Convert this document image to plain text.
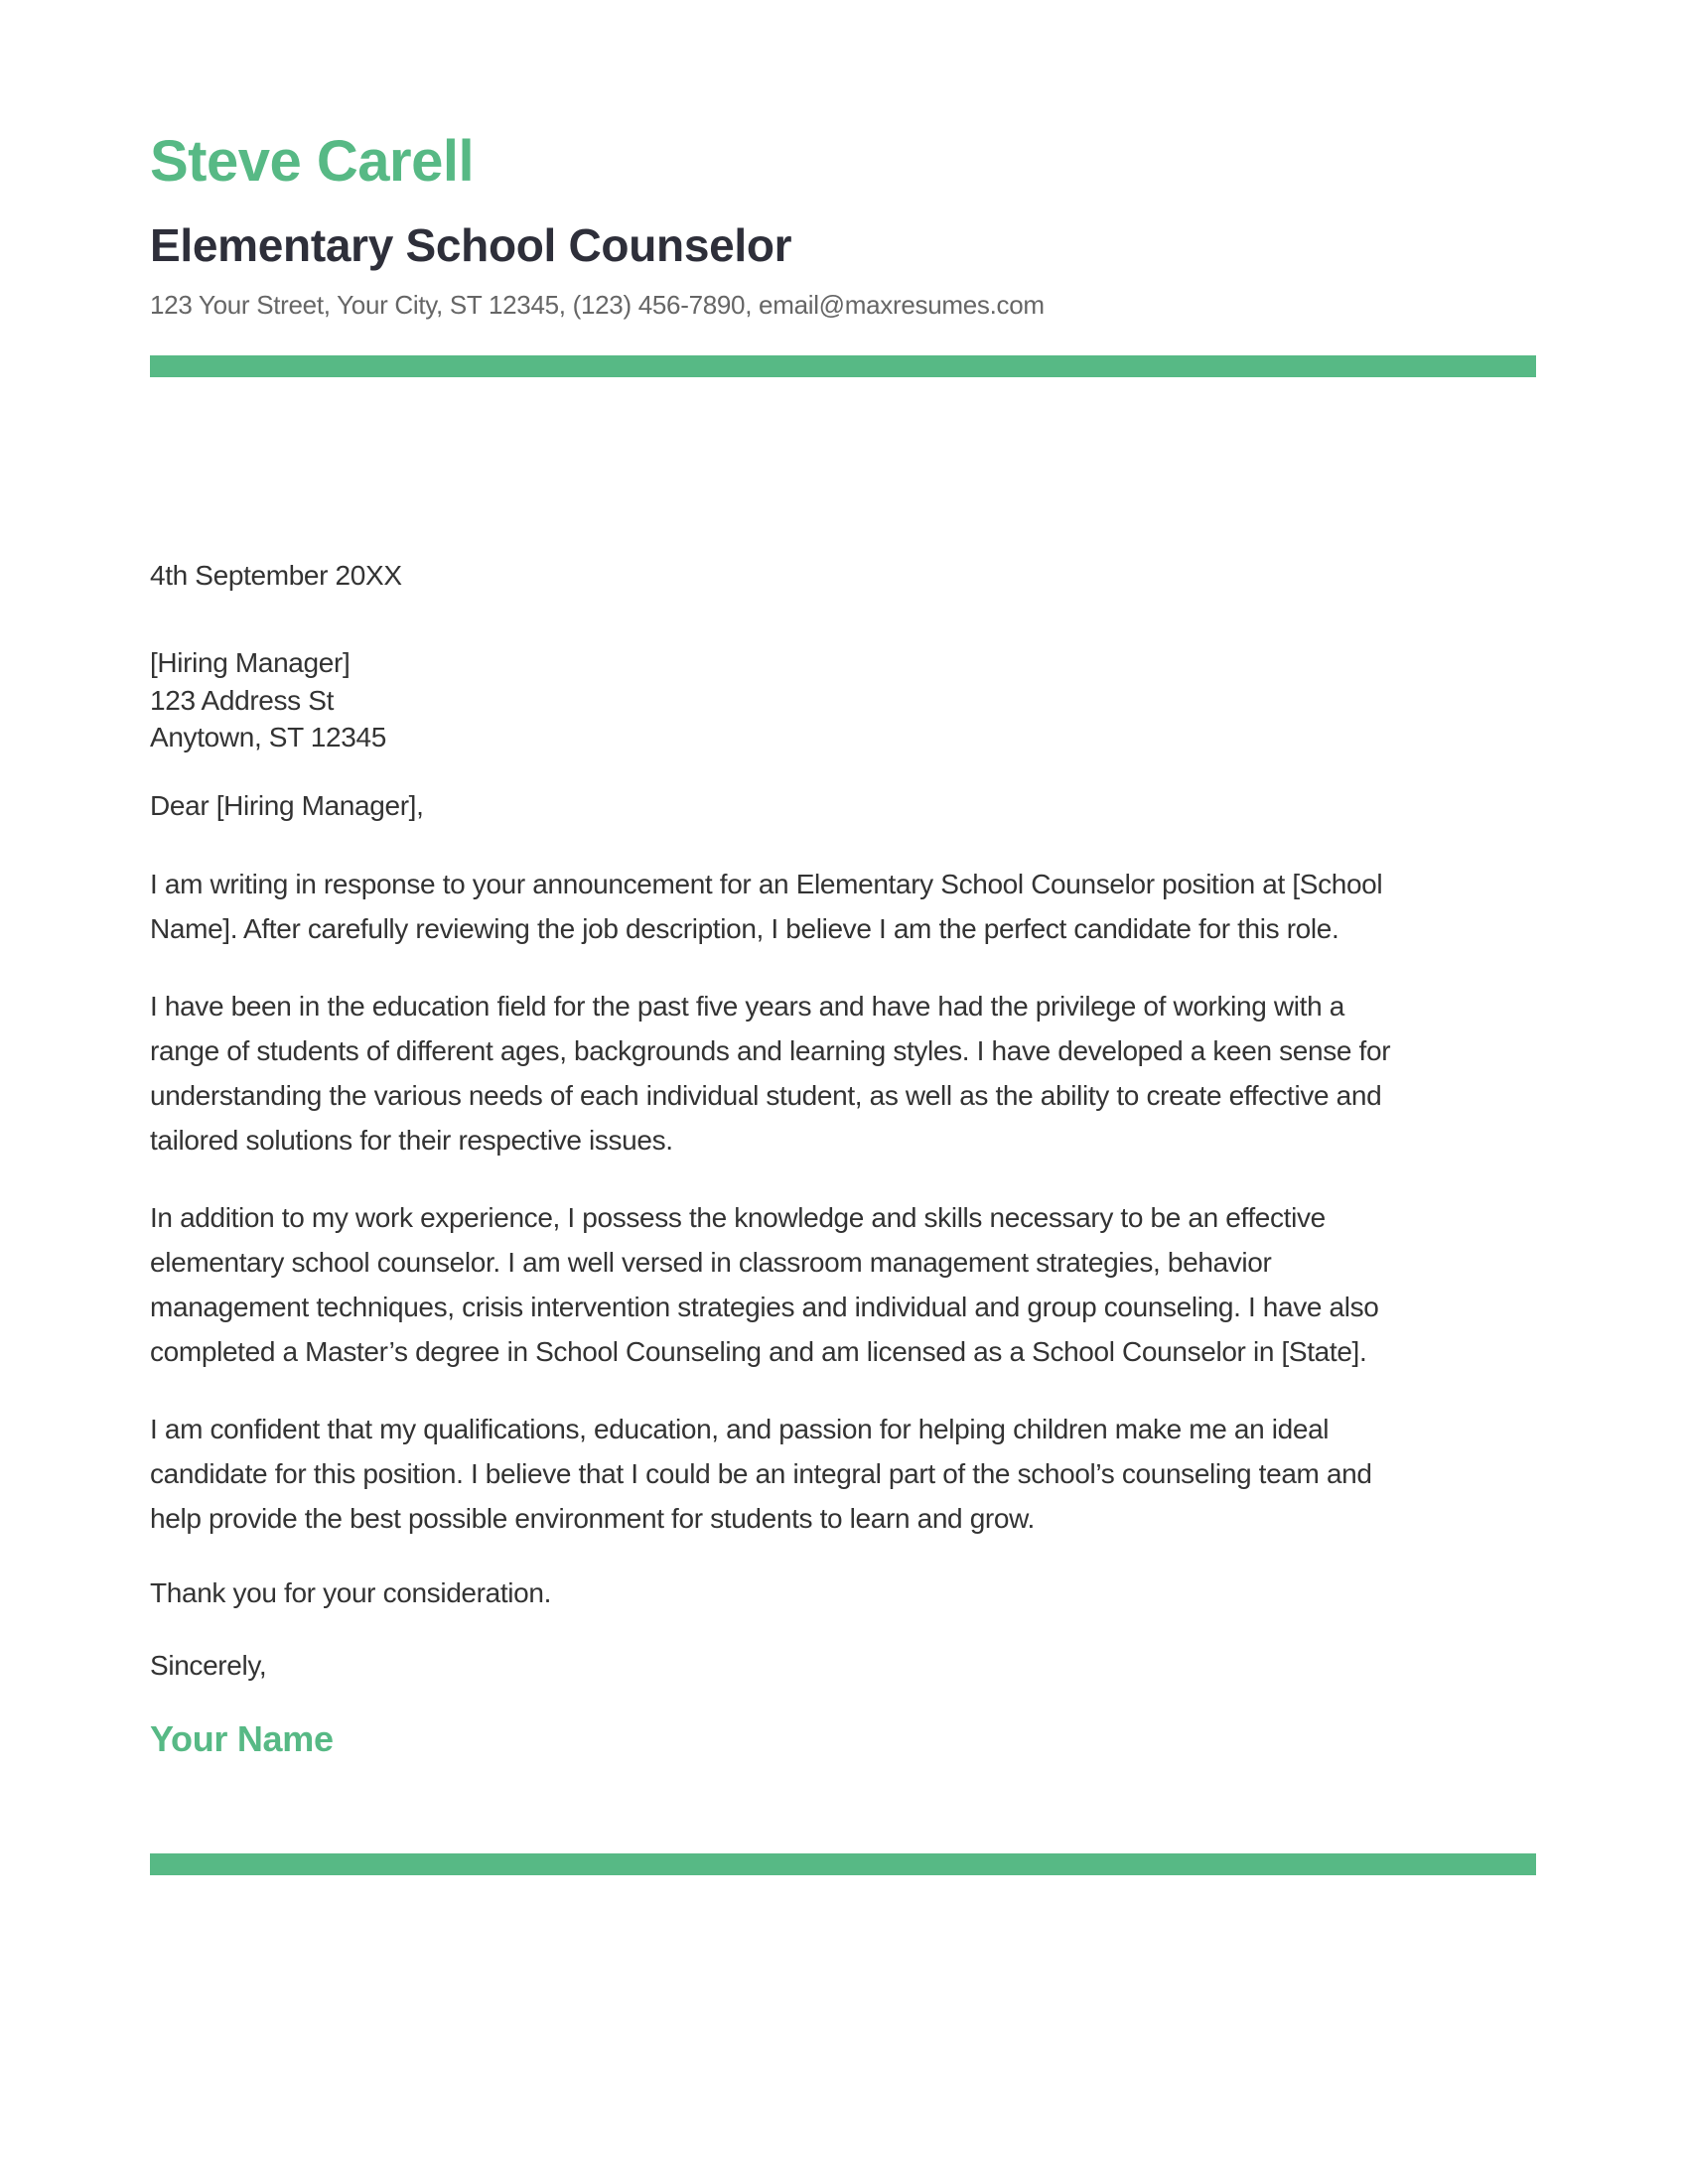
Steve Carell
Elementary School Counselor
123 Your Street, Your City, ST 12345, (123) 456-7890, email@maxresumes.com
4th September 20XX
[Hiring Manager]
123 Address St
Anytown, ST 12345
Dear [Hiring Manager],

I am writing in response to your announcement for an Elementary School Counselor position at [School
Name]. After carefully reviewing the job description, I believe I am the perfect candidate for this role.

I have been in the education field for the past five years and have had the privilege of working with a
range of students of different ages, backgrounds and learning styles. I have developed a keen sense for
understanding the various needs of each individual student, as well as the ability to create effective and
tailored solutions for their respective issues.

In addition to my work experience, I possess the knowledge and skills necessary to be an effective
elementary school counselor. I am well versed in classroom management strategies, behavior
management techniques, crisis intervention strategies and individual and group counseling. I have also
completed a Master’s degree in School Counseling and am licensed as a School Counselor in [State].

I am confident that my qualifications, education, and passion for helping children make me an ideal
candidate for this position. I believe that I could be an integral part of the school’s counseling team and
help provide the best possible environment for students to learn and grow.

Thank you for your consideration.
Sincerely,
Your Name
